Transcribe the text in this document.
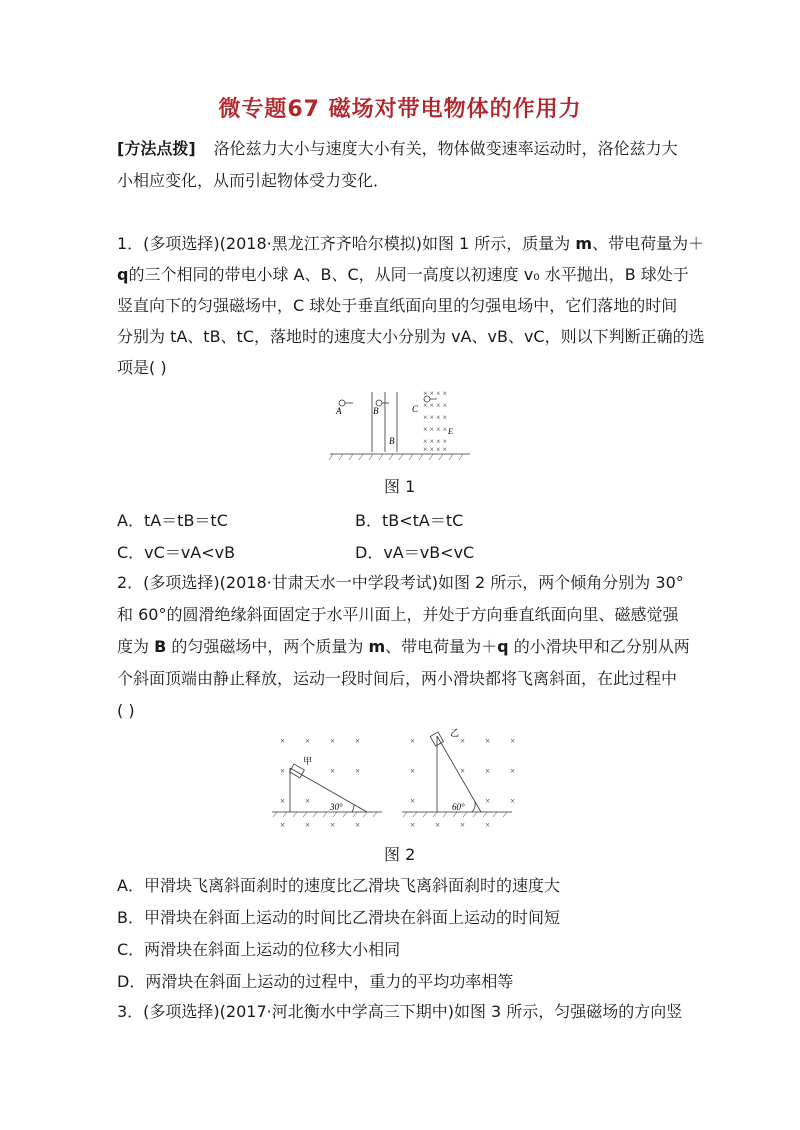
微专题67 磁场对带电物体的作用力
[方法点拨] 洛伦兹力大小与速度大小有关，物体做变速率运动时，洛伦兹力大
小相应变化，从而引起物体受力变化．
1．(多项选择)(2018·黑龙江齐齐哈尔模拟)如图 1 所示，质量为 m、带电荷量为＋
q的三个相同的带电小球 A、B、C，从同一高度以初速度 v₀ 水平抛出，B 球处于
竖直向下的匀强磁场中，C 球处于垂直纸面向里的匀强电场中，它们落地的时间
分别为 tA、tB、tC，落地时的速度大小分别为 vA、vB、vC，则以下判断正确的选
项是( )
A	B
B
C
E
× × × ×
× × × ×
× × × ×
× × × ×
× × × ×
× × × ×
图 1
A．tA＝tB＝tC	B．tB<tA＝tC
C．vC＝vA<vB	D．vA＝vB<vC
2．(多项选择)(2018·甘肃天水一中学段考试)如图 2 所示，两个倾角分别为 30°
和 60°的圆滑绝缘斜面固定于水平川面上，并处于方向垂直纸面向里、磁感觉强
度为 B 的匀强磁场中，两个质量为 m、带电荷量为＋q 的小滑块甲和乙分别从两
个斜面顶端由静止释放，运动一段时间后，两小滑块都将飞离斜面，在此过程中
( )
× × × ×
×	× ×
× ×
× × × ×
×	× × ×
×	× × ×
×	× ×
× × × ×
甲
乙
30°	60°
图 2
A．甲滑块飞离斜面刹时的速度比乙滑块飞离斜面刹时的速度大
B．甲滑块在斜面上运动的时间比乙滑块在斜面上运动的时间短
C．两滑块在斜面上运动的位移大小相同
D．两滑块在斜面上运动的过程中，重力的平均功率相等
3．(多项选择)(2017·河北衡水中学高三下期中)如图 3 所示，匀强磁场的方向竖
